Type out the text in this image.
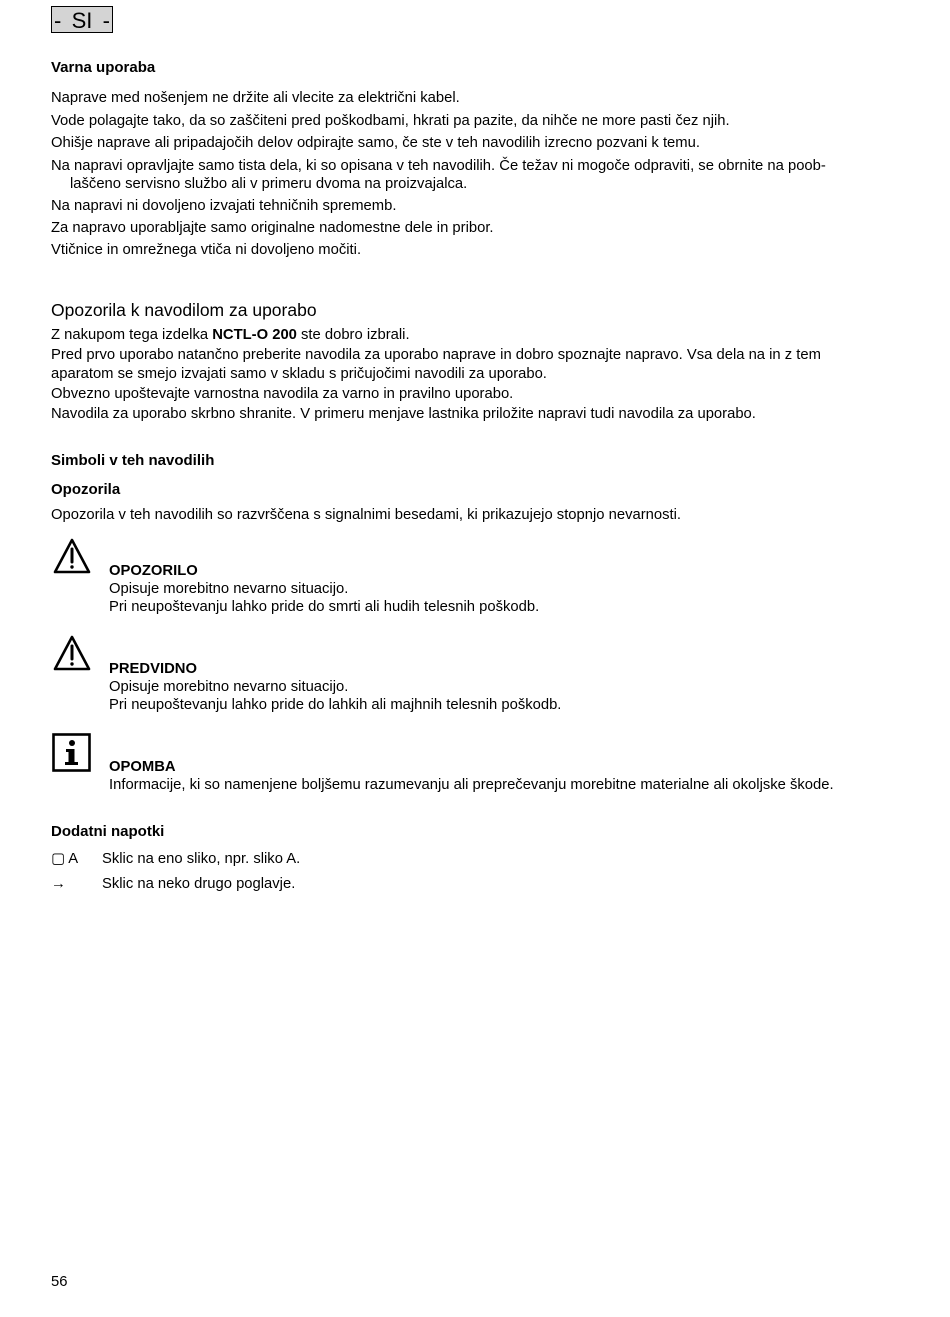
- SI -
Varna uporaba
Naprave med nošenjem ne držite ali vlecite za električni kabel.
Vode polagajte tako, da so zaščiteni pred poškodbami, hkrati pa pazite, da nihče ne more pasti čez njih.
Ohišje naprave ali pripadajočih delov odpirajte samo, če ste v teh navodilih izrecno pozvani k temu.
Na napravi opravljajte samo tista dela, ki so opisana v teh navodilih. Če težav ni mogoče odpraviti, se obrnite na poob-
laščeno servisno službo ali v primeru dvoma na proizvajalca.
Na napravi ni dovoljeno izvajati tehničnih sprememb.
Za napravo uporabljajte samo originalne nadomestne dele in pribor.
Vtičnice in omrežnega vtiča ni dovoljeno močiti.
Opozorila k navodilom za uporabo
Z nakupom tega izdelka NCTL-O 200 ste dobro izbrali.
Pred prvo uporabo natančno preberite navodila za uporabo naprave in dobro spoznajte napravo. Vsa dela na in z tem
aparatom se smejo izvajati samo v skladu s pričujočimi navodili za uporabo.
Obvezno upoštevajte varnostna navodila za varno in pravilno uporabo.
Navodila za uporabo skrbno shranite. V primeru menjave lastnika priložite napravi tudi navodila za uporabo.
Simboli v teh navodilih
Opozorila
Opozorila v teh navodilih so razvrščena s signalnimi besedami, ki prikazujejo stopnjo nevarnosti.
OPOZORILO
Opisuje morebitno nevarno situacijo.
Pri neupoštevanju lahko pride do smrti ali hudih telesnih poškodb.
PREDVIDNO
Opisuje morebitno nevarno situacijo.
Pri neupoštevanju lahko pride do lahkih ali majhnih telesnih poškodb.
OPOMBA
Informacije, ki so namenjene boljšemu razumevanju ali preprečevanju morebitne materialne ali okoljske škode.
Dodatni napotki
▢ A Sklic na eno sliko, npr. sliko A.
→ Sklic na neko drugo poglavje.
56
